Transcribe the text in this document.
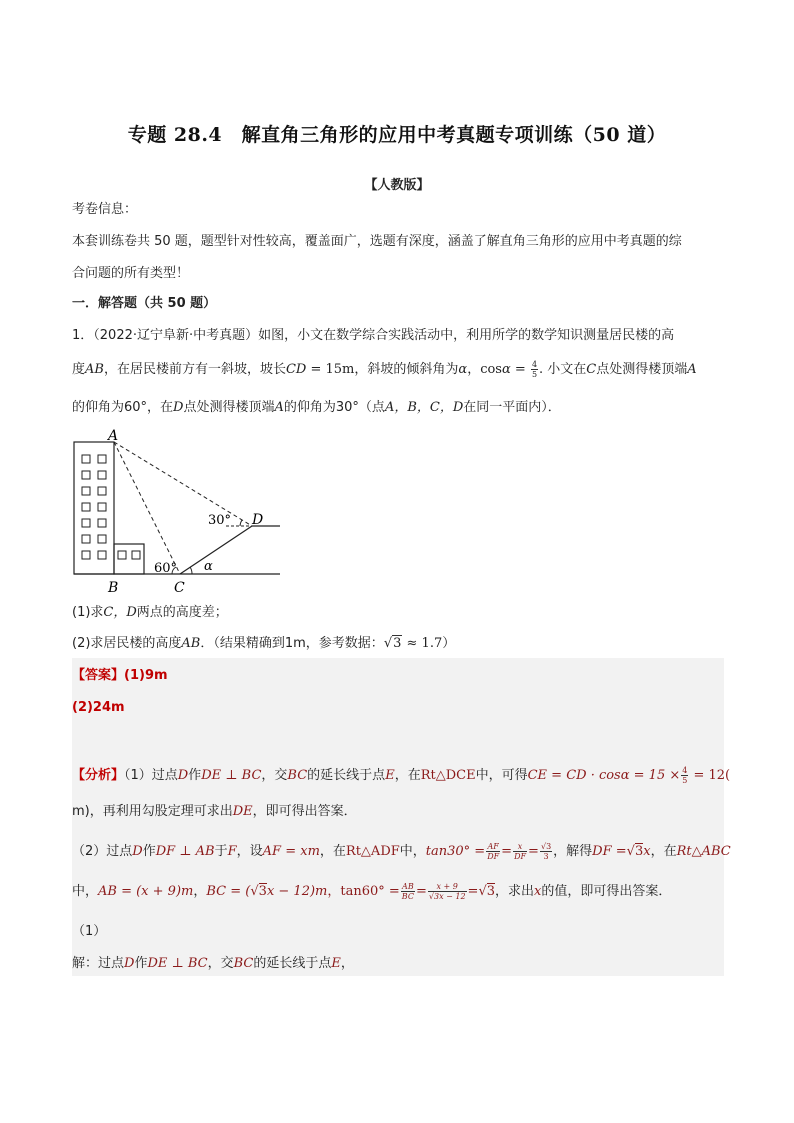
专题 28.4　解直角三角形的应用中考真题专项训练（50 道）
【人教版】
考卷信息：
本套训练卷共 50 题，题型针对性较高，覆盖面广，选题有深度，涵盖了解直角三角形的应用中考真题的综
合问题的所有类型！
一．解答题（共 50 题）
1．（2022·辽宁阜新·中考真题）如图，小文在数学综合实践活动中，利用所学的数学知识测量居民楼的高
度AB，在居民楼前方有一斜坡，坡长CD = 15m，斜坡的倾斜角为α，$\cos\alpha = \frac{4}{5}$ . 小文在C点处测得楼顶端A
的仰角为60°，在D点处测得楼顶端A的仰角为30°（点A，B，C，D在同一平面内）．
A
B	C
D
60°
30°
α
(1)求C，D两点的高度差；
(2)求居民楼的高度AB．（结果精确到1m，参考数据：√3 ≈ 1.7）
【答案】(1)9m
(2)24m
【分析】（1）过点D作DE ⊥ BC，交BC的延长线于点E，在Rt△DCE中，可得CE = CD · $\cos\alpha = 15 \times \frac{4}{5} = 12$(
m)，再利用勾股定理可求出DE，即可得出答案．
（2）过点D作DF ⊥ AB于F，设AF = xm，在Rt△ADF中，$\tan 30^\circ = \frac{AF}{DF} = \frac{x}{DF} = \frac{√3}{3}$ ，解得DF =√3x，在Rt△ABC
中，AB = (x + 9)m，BC = (√3x − 12)m，$\tan 60^\circ = \frac{AB}{BC} = \frac{x + 9}{√3x - 12} =√3$，求出x的值，即可得出答案．
（1）
解：过点D作DE ⊥ BC，交BC的延长线于点E，
